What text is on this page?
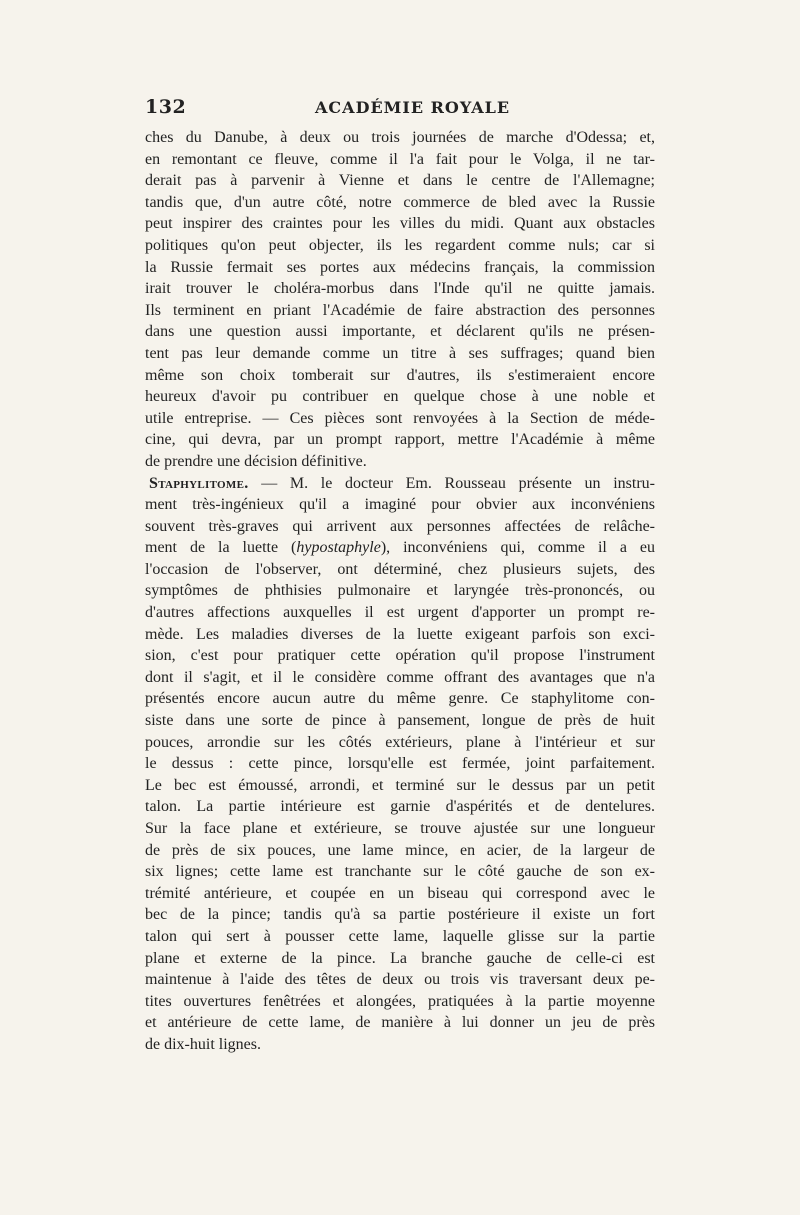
132	ACADÉMIE ROYALE
ches du Danube, à deux ou trois journées de marche d'Odessa; et,
en remontant ce fleuve, comme il l'a fait pour le Volga, il ne tar-
derait pas à parvenir à Vienne et dans le centre de l'Allemagne;
tandis que, d'un autre côté, notre commerce de bled avec la Russie
peut inspirer des craintes pour les villes du midi. Quant aux obstacles
politiques qu'on peut objecter, ils les regardent comme nuls; car si
la Russie fermait ses portes aux médecins français, la commission
irait trouver le choléra-morbus dans l'Inde qu'il ne quitte jamais.
Ils terminent en priant l'Académie de faire abstraction des personnes
dans une question aussi importante, et déclarent qu'ils ne présen-
tent pas leur demande comme un titre à ses suffrages; quand bien
même son choix tomberait sur d'autres, ils s'estimeraient encore
heureux d'avoir pu contribuer en quelque chose à une noble et
utile entreprise. — Ces pièces sont renvoyées à la Section de méde-
cine, qui devra, par un prompt rapport, mettre l'Académie à même
de prendre une décision définitive.
Staphylitome. — M. le docteur Em. Rousseau présente un instru-
ment très-ingénieux qu'il a imaginé pour obvier aux inconvéniens
souvent très-graves qui arrivent aux personnes affectées de relâche-
ment de la luette (hypostaphyle), inconvéniens qui, comme il a eu
l'occasion de l'observer, ont déterminé, chez plusieurs sujets, des
symptômes de phthisies pulmonaire et laryngée très-prononcés, ou
d'autres affections auxquelles il est urgent d'apporter un prompt re-
mède. Les maladies diverses de la luette exigeant parfois son exci-
sion, c'est pour pratiquer cette opération qu'il propose l'instrument
dont il s'agit, et il le considère comme offrant des avantages que n'a
présentés encore aucun autre du même genre. Ce staphylitome con-
siste dans une sorte de pince à pansement, longue de près de huit
pouces, arrondie sur les côtés extérieurs, plane à l'intérieur et sur
le dessus : cette pince, lorsqu'elle est fermée, joint parfaitement.
Le bec est émoussé, arrondi, et terminé sur le dessus par un petit
talon. La partie intérieure est garnie d'aspérités et de dentelures.
Sur la face plane et extérieure, se trouve ajustée sur une longueur
de près de six pouces, une lame mince, en acier, de la largeur de
six lignes; cette lame est tranchante sur le côté gauche de son ex-
trémité antérieure, et coupée en un biseau qui correspond avec le
bec de la pince; tandis qu'à sa partie postérieure il existe un fort
talon qui sert à pousser cette lame, laquelle glisse sur la partie
plane et externe de la pince. La branche gauche de celle-ci est
maintenue à l'aide des têtes de deux ou trois vis traversant deux pe-
tites ouvertures fenêtrées et alongées, pratiquées à la partie moyenne
et antérieure de cette lame, de manière à lui donner un jeu de près
de dix-huit lignes.
